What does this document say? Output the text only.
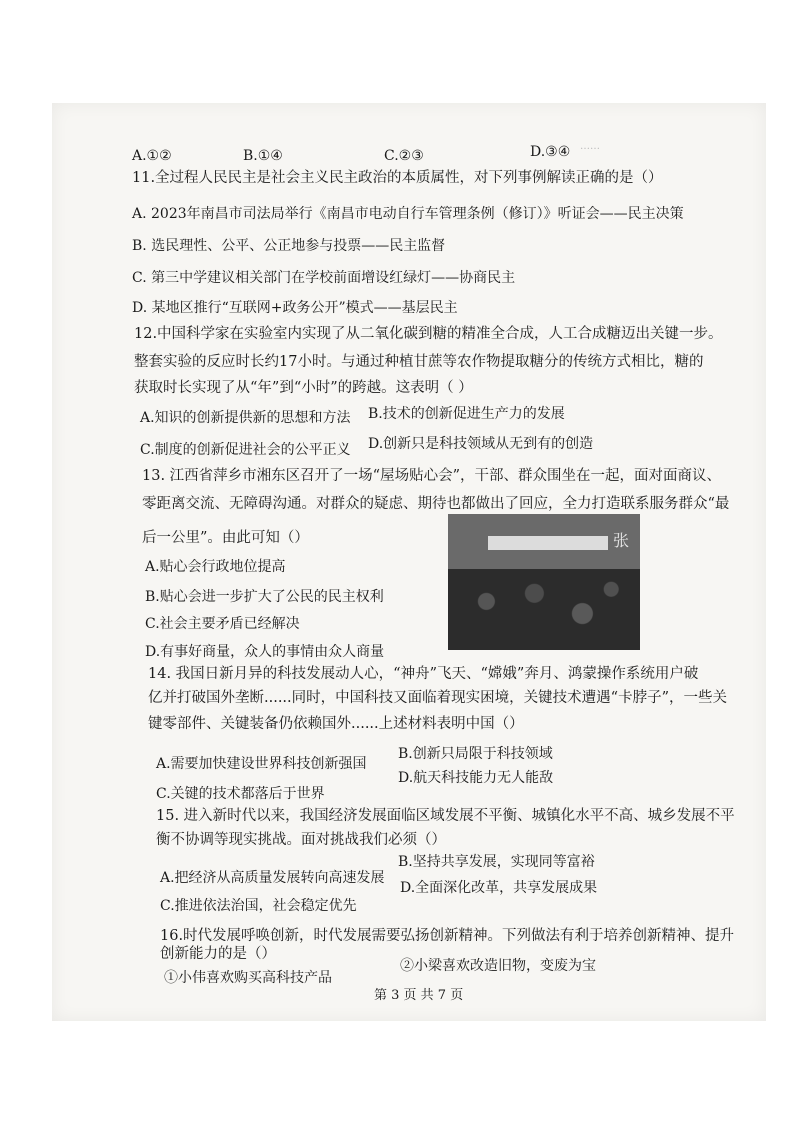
……
A.①②	B.①④	C.②③	D.③④
11.全过程人民民主是社会主义民主政治的本质属性，对下列事例解读正确的是（）
A. 2023年南昌市司法局举行《南昌市电动自行车管理条例（修订）》听证会——民主决策
B. 选民理性、公平、公正地参与投票——民主监督
C. 第三中学建议相关部门在学校前面增设红绿灯——协商民主
D. 某地区推行“互联网+政务公开”模式——基层民主
12.中国科学家在实验室内实现了从二氧化碳到糖的精准全合成，人工合成糖迈出关键一步。
整套实验的反应时长约17小时。与通过种植甘蔗等农作物提取糖分的传统方式相比，糖的
获取时长实现了从“年”到“小时”的跨越。这表明（ ）
A.知识的创新提供新的思想和方法 B.技术的创新促进生产力的发展
C.制度的创新促进社会的公平正义 D.创新只是科技领域从无到有的创造
13. 江西省萍乡市湘东区召开了一场“屋场贴心会”，干部、群众围坐在一起，面对面商议、
零距离交流、无障碍沟通。对群众的疑虑、期待也都做出了回应，全力打造联系服务群众“最
后一公里”。由此可知（）
A.贴心会行政地位提高
B.贴心会进一步扩大了公民的民主权利
C.社会主要矛盾已经解决
D.有事好商量，众人的事情由众人商量
张
14. 我国日新月异的科技发展动人心，“神舟”飞天、“嫦娥”奔月、鸿蒙操作系统用户破
亿并打破国外垄断......同时，中国科技又面临着现实困境，关键技术遭遇“卡脖子”，一些关
键零部件、关键装备仍依赖国外......上述材料表明中国（）
A.需要加快建设世界科技创新强国
B.创新只局限于科技领域
C.关键的技术都落后于世界
D.航天科技能力无人能敌
15. 进入新时代以来，我国经济发展面临区域发展不平衡、城镇化水平不高、城乡发展不平
衡不协调等现实挑战。面对挑战我们必须（）
A.把经济从高质量发展转向高速发展
B.坚持共享发展，实现同等富裕
C.推进依法治国，社会稳定优先
D.全面深化改革，共享发展成果
16.时代发展呼唤创新，时代发展需要弘扬创新精神。下列做法有利于培养创新精神、提升
创新能力的是（）
①小伟喜欢购买高科技产品
②小梁喜欢改造旧物，变废为宝
第 3 页 共 7 页
